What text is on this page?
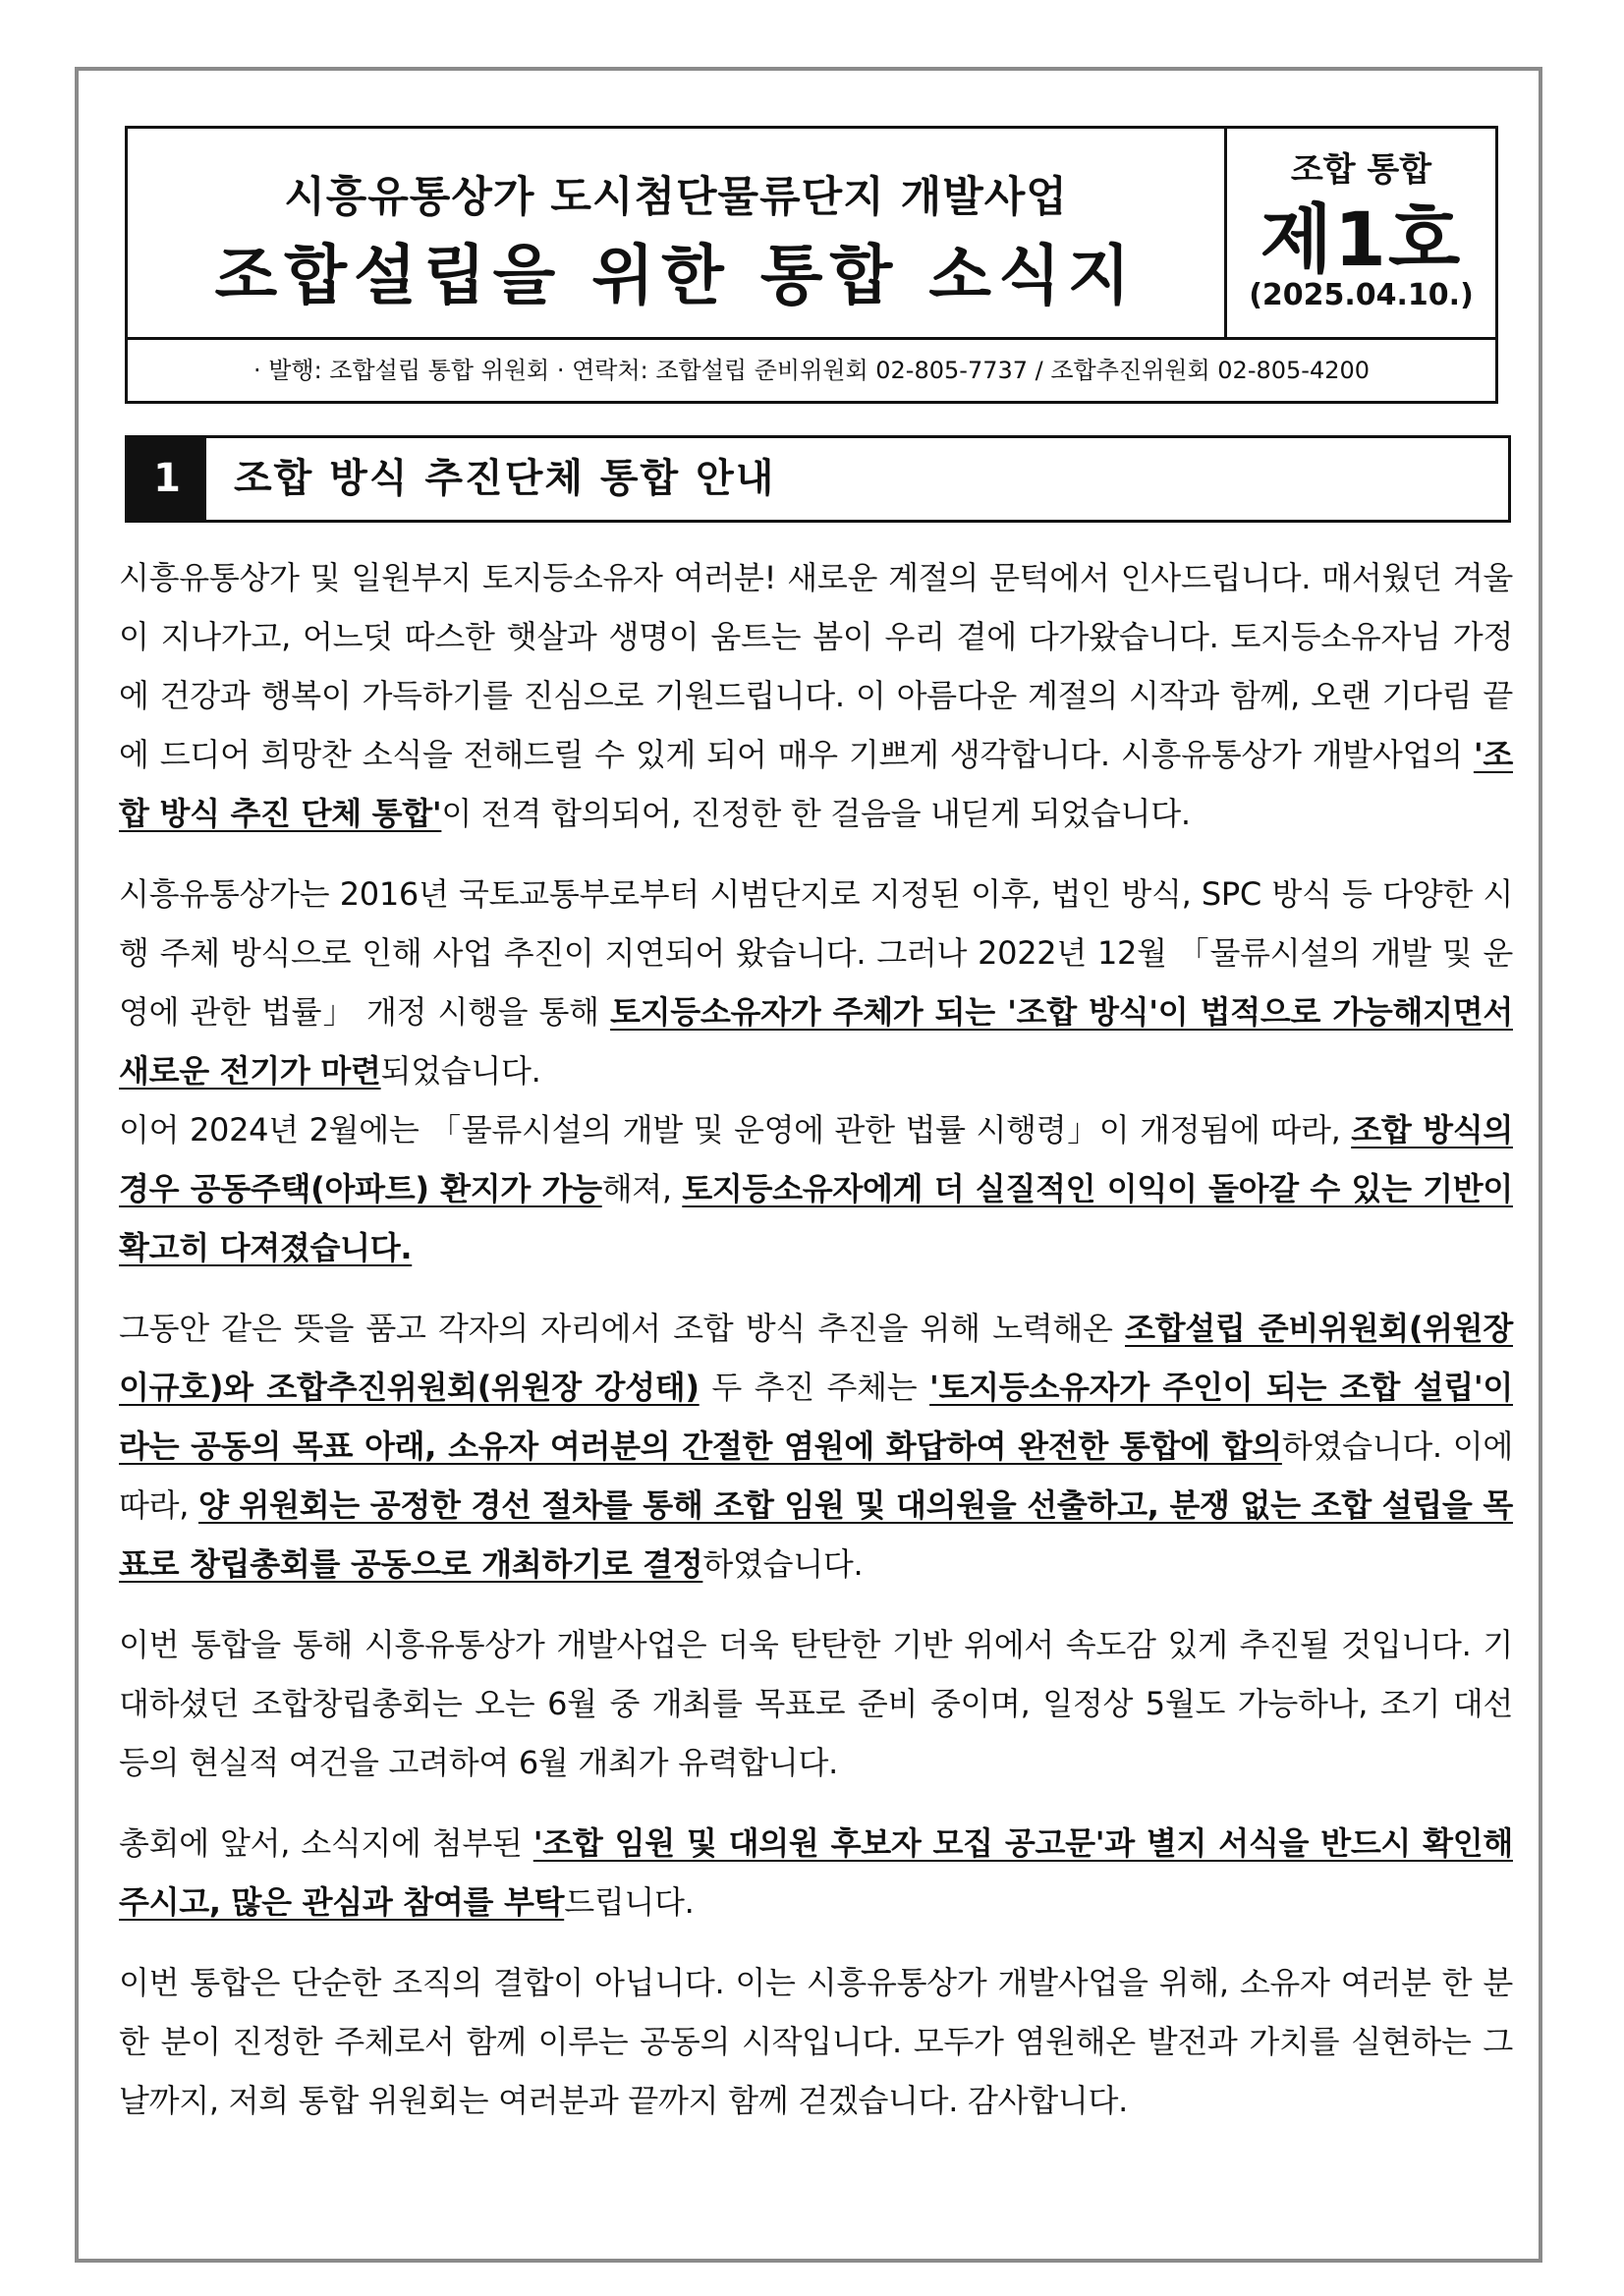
시흥유통상가 도시첨단물류단지 개발사업
조합설립을 위한 통합 소식지
조합 통합
제1호
(2025.04.10.)
· 발행: 조합설립 통합 위원회 · 연락처: 조합설립 준비위원회 02-805-7737 / 조합추진위원회 02-805-4200
1	조합 방식 추진단체 통합 안내

시흥유통상가 및 일원부지 토지등소유자 여러분! 새로운 계절의 문턱에서 인사드립니다. 매서웠던 겨울이 지나가고, 어느덧 따스한 햇살과 생명이 움트는 봄이 우리 곁에 다가왔습니다. 토지등소유자님 가정에 건강과 행복이 가득하기를 진심으로 기원드립니다. 이 아름다운 계절의 시작과 함께, 오랜 기다림 끝에 드디어 희망찬 소식을 전해드릴 수 있게 되어 매우 기쁘게 생각합니다. 시흥유통상가 개발사업의 '조합 방식 추진 단체 통합'이 전격 합의되어, 진정한 한 걸음을 내딛게 되었습니다.

시흥유통상가는 2016년 국토교통부로부터 시범단지로 지정된 이후, 법인 방식, SPC 방식 등 다양한 시행 주체 방식으로 인해 사업 추진이 지연되어 왔습니다. 그러나 2022년 12월 「물류시설의 개발 및 운영에 관한 법률」 개정 시행을 통해 토지등소유자가 주체가 되는 '조합 방식'이 법적으로 가능해지면서 새로운 전기가 마련되었습니다.

이어 2024년 2월에는 「물류시설의 개발 및 운영에 관한 법률 시행령」이 개정됨에 따라, 조합 방식의 경우 공동주택(아파트) 환지가 가능해져, 토지등소유자에게 더 실질적인 이익이 돌아갈 수 있는 기반이 확고히 다져졌습니다.

그동안 같은 뜻을 품고 각자의 자리에서 조합 방식 추진을 위해 노력해온 조합설립 준비위원회(위원장 이규호)와 조합추진위원회(위원장 강성태) 두 추진 주체는 '토지등소유자가 주인이 되는 조합 설립'이라는 공동의 목표 아래, 소유자 여러분의 간절한 염원에 화답하여 완전한 통합에 합의하였습니다. 이에 따라, 양 위원회는 공정한 경선 절차를 통해 조합 임원 및 대의원을 선출하고, 분쟁 없는 조합 설립을 목표로 창립총회를 공동으로 개최하기로 결정하였습니다.

이번 통합을 통해 시흥유통상가 개발사업은 더욱 탄탄한 기반 위에서 속도감 있게 추진될 것입니다. 기대하셨던 조합창립총회는 오는 6월 중 개최를 목표로 준비 중이며, 일정상 5월도 가능하나, 조기 대선 등의 현실적 여건을 고려하여 6월 개최가 유력합니다.

총회에 앞서, 소식지에 첨부된 '조합 임원 및 대의원 후보자 모집 공고문'과 별지 서식을 반드시 확인해주시고, 많은 관심과 참여를 부탁드립니다.

이번 통합은 단순한 조직의 결합이 아닙니다. 이는 시흥유통상가 개발사업을 위해, 소유자 여러분 한 분 한 분이 진정한 주체로서 함께 이루는 공동의 시작입니다. 모두가 염원해온 발전과 가치를 실현하는 그날까지, 저희 통합 위원회는 여러분과 끝까지 함께 걷겠습니다. 감사합니다.
